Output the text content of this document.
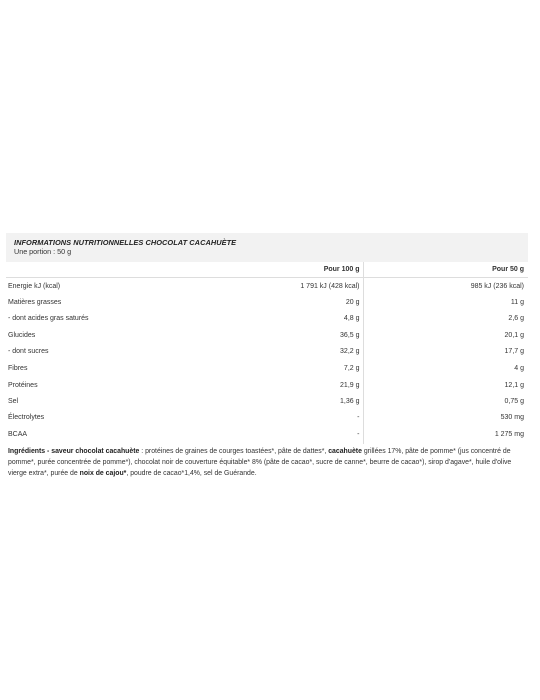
INFORMATIONS NUTRITIONNELLES CHOCOLAT CACAHUÈTE
Une portion : 50 g
	Pour 100 g	Pour 50 g
Energie kJ (kcal)	1 791 kJ (428 kcal)	985 kJ (236 kcal)
Matières grasses	20 g	11 g
- dont acides gras saturés	4,8 g	2,6 g
Glucides	36,5 g	20,1 g
- dont sucres	32,2 g	17,7 g
Fibres	7,2 g	4 g
Protéines	21,9 g	12,1 g
Sel	1,36 g	0,75 g
Électrolytes	-	530 mg
BCAA	-	1 275 mg
Ingrédients - saveur chocolat cacahuète : protéines de graines de courges toastées*, pâte de dattes*, cacahuète grillées 17%, pâte de pomme* (jus concentré de pomme*, purée concentrée de pomme*), chocolat noir de couverture équitable* 8% (pâte de cacao*, sucre de canne*, beurre de cacao*), sirop d'agave*, huile d'olive vierge extra*, purée de noix de cajou*, poudre de cacao*1,4%, sel de Guérande.
